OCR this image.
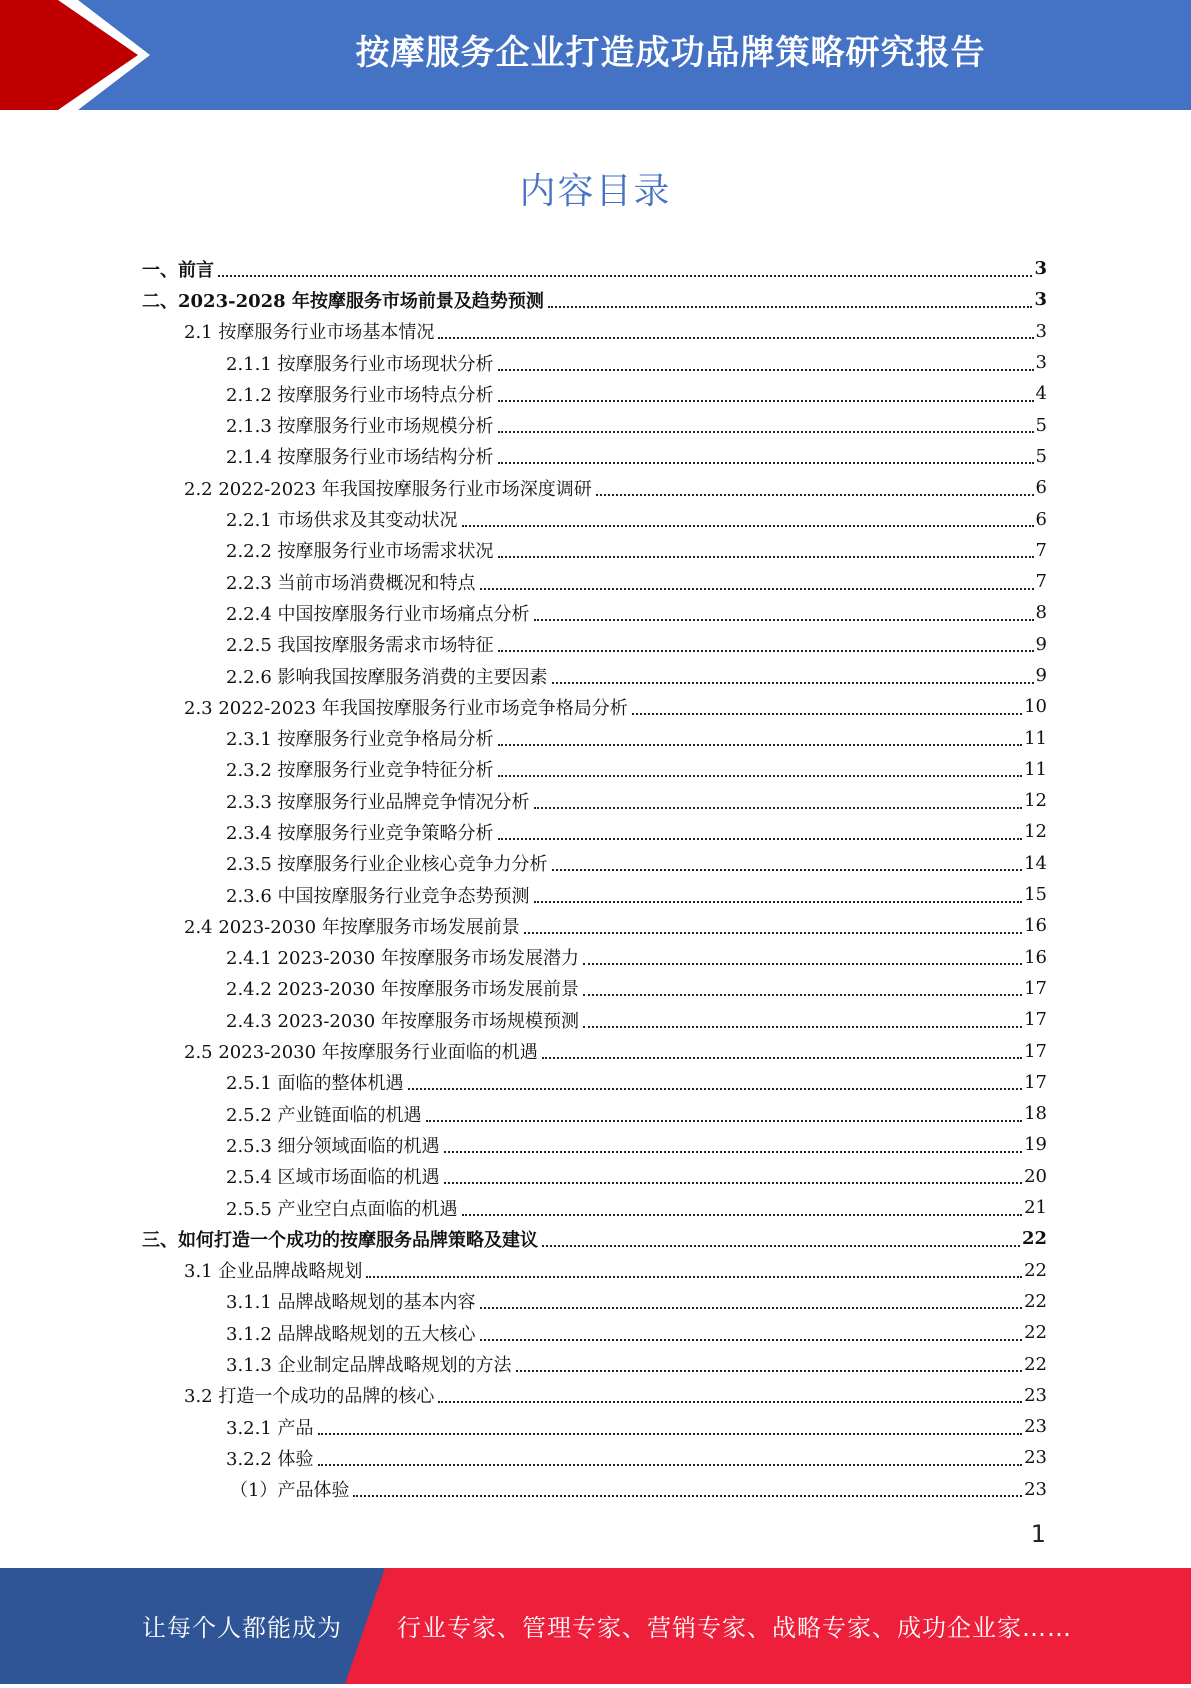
按摩服务企业打造成功品牌策略研究报告
内容目录
一、前言	3
二、2023-2028 年按摩服务市场前景及趋势预测	3
2.1 按摩服务行业市场基本情况	3
2.1.1 按摩服务行业市场现状分析	3
2.1.2 按摩服务行业市场特点分析	4
2.1.3 按摩服务行业市场规模分析	5
2.1.4 按摩服务行业市场结构分析	5
2.2 2022-2023 年我国按摩服务行业市场深度调研	6
2.2.1 市场供求及其变动状况	6
2.2.2 按摩服务行业市场需求状况	7
2.2.3 当前市场消费概况和特点	7
2.2.4 中国按摩服务行业市场痛点分析	8
2.2.5 我国按摩服务需求市场特征	9
2.2.6 影响我国按摩服务消费的主要因素	9
2.3 2022-2023 年我国按摩服务行业市场竞争格局分析	10
2.3.1 按摩服务行业竞争格局分析	11
2.3.2 按摩服务行业竞争特征分析	11
2.3.3 按摩服务行业品牌竞争情况分析	12
2.3.4 按摩服务行业竞争策略分析	12
2.3.5 按摩服务行业企业核心竞争力分析	14
2.3.6 中国按摩服务行业竞争态势预测	15
2.4 2023-2030 年按摩服务市场发展前景	16
2.4.1 2023-2030 年按摩服务市场发展潜力	16
2.4.2 2023-2030 年按摩服务市场发展前景	17
2.4.3 2023-2030 年按摩服务市场规模预测	17
2.5 2023-2030 年按摩服务行业面临的机遇	17
2.5.1 面临的整体机遇	17
2.5.2 产业链面临的机遇	18
2.5.3 细分领域面临的机遇	19
2.5.4 区域市场面临的机遇	20
2.5.5 产业空白点面临的机遇	21
三、如何打造一个成功的按摩服务品牌策略及建议	22
3.1 企业品牌战略规划	22
3.1.1 品牌战略规划的基本内容	22
3.1.2 品牌战略规划的五大核心	22
3.1.3 企业制定品牌战略规划的方法	22
3.2 打造一个成功的品牌的核心	23
3.2.1 产品	23
3.2.2 体验	23
（1）产品体验	23
1
让每个人都能成为 行业专家、管理专家、营销专家、战略专家、成功企业家……
